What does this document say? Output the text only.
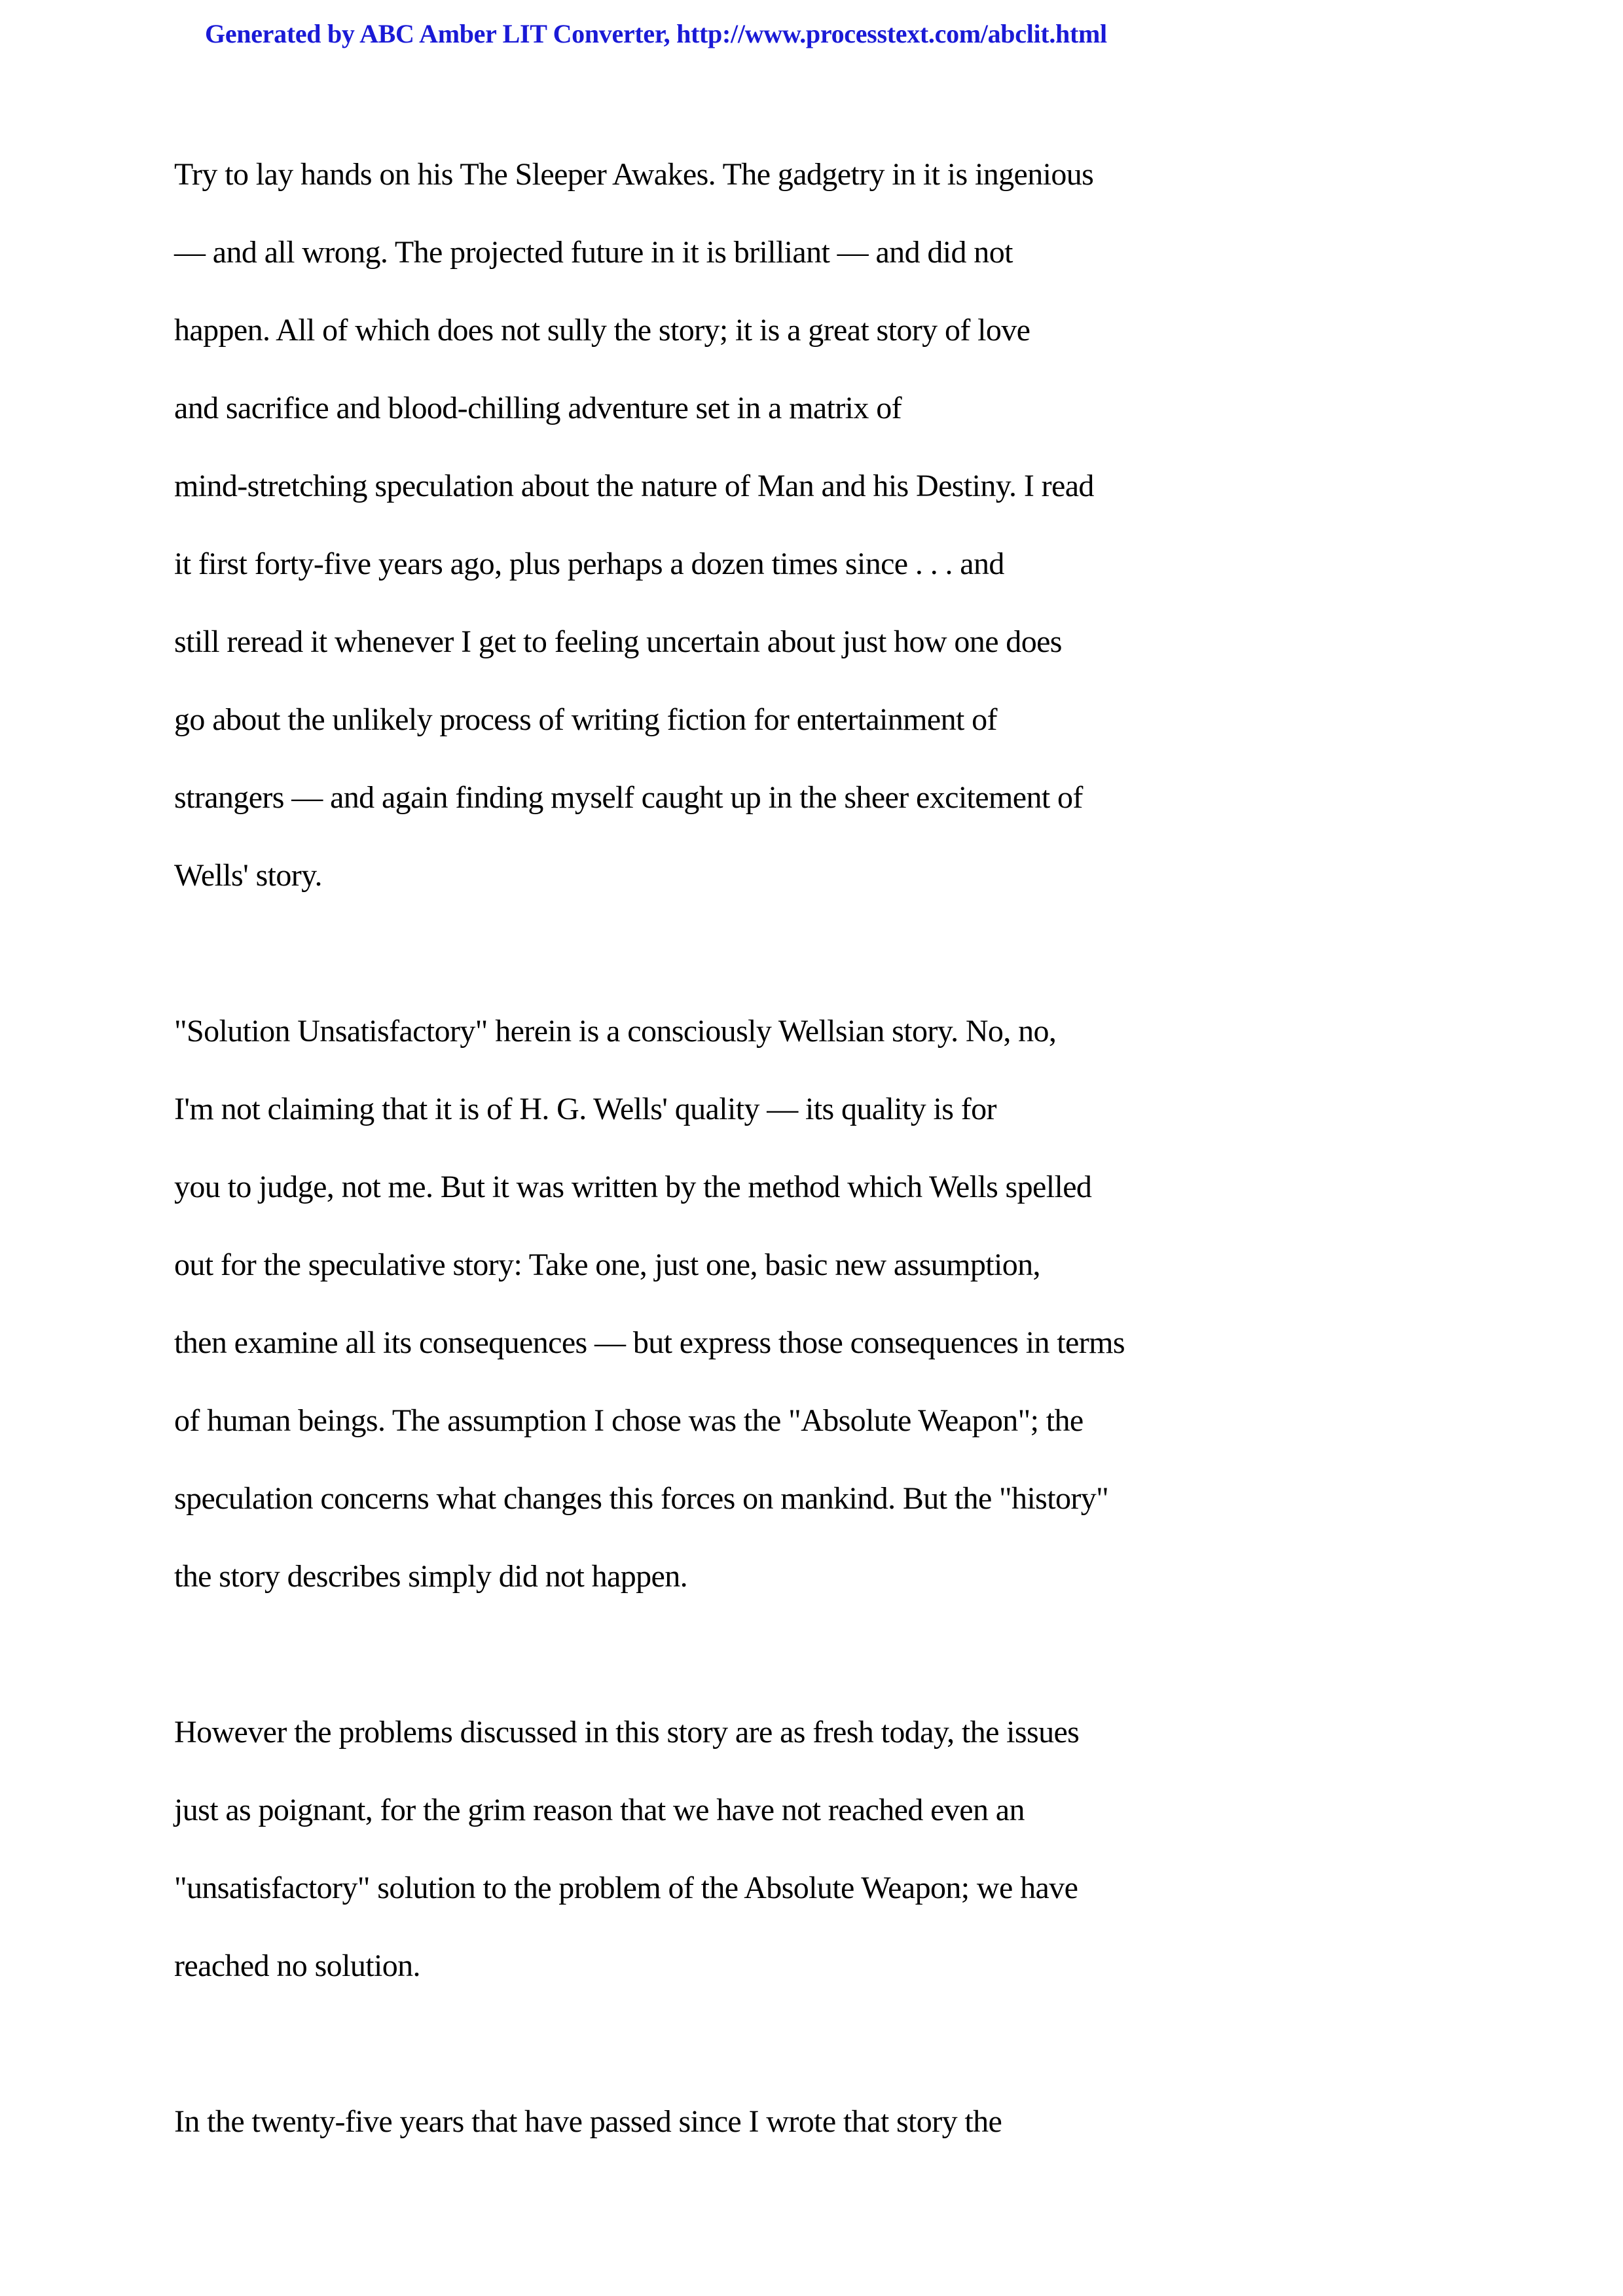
Generated by ABC Amber LIT Converter, http://www.processtext.com/abclit.html
Try to lay hands on his The Sleeper Awakes. The gadgetry in it is ingenious
— and all wrong. The projected future in it is brilliant — and did not
happen. All of which does not sully the story; it is a great story of love
and sacrifice and blood-chilling adventure set in a matrix of
mind-stretching speculation about the nature of Man and his Destiny. I read
it first forty-five years ago, plus perhaps a dozen times since . . . and
still reread it whenever I get to feeling uncertain about just how one does
go about the unlikely process of writing fiction for entertainment of
strangers — and again finding myself caught up in the sheer excitement of
Wells' story.
"Solution Unsatisfactory" herein is a consciously Wellsian story. No, no,
I'm not claiming that it is of H. G. Wells' quality — its quality is for
you to judge, not me. But it was written by the method which Wells spelled
out for the speculative story: Take one, just one, basic new assumption,
then examine all its consequences — but express those consequences in terms
of human beings. The assumption I chose was the "Absolute Weapon"; the
speculation concerns what changes this forces on mankind. But the "history"
the story describes simply did not happen.
However the problems discussed in this story are as fresh today, the issues
just as poignant, for the grim reason that we have not reached even an
"unsatisfactory" solution to the problem of the Absolute Weapon; we have
reached no solution.
In the twenty-five years that have passed since I wrote that story the
